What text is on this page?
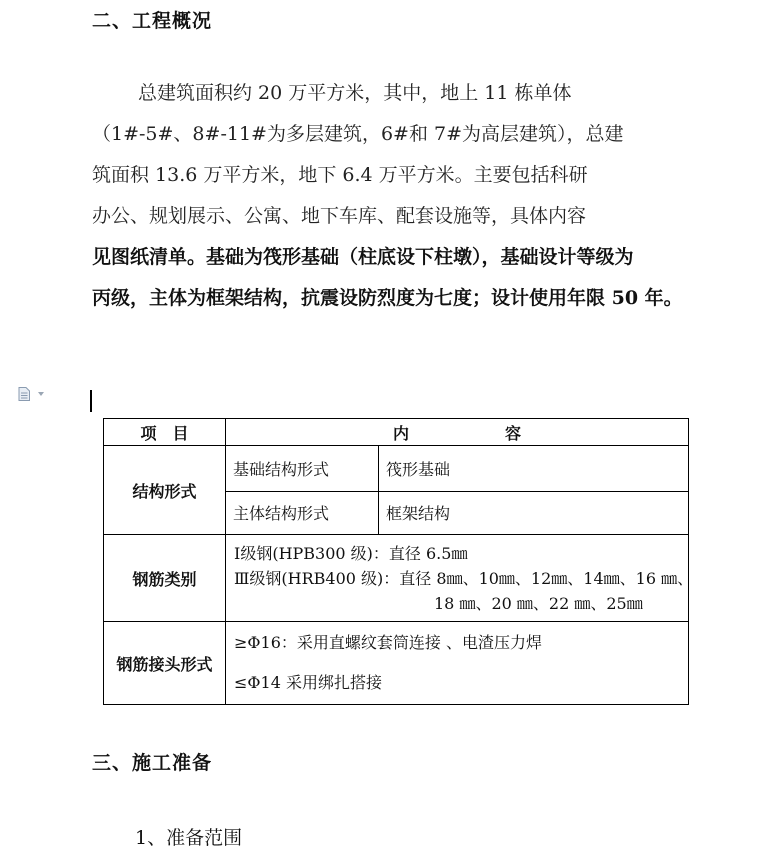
二、工程概况
总建筑面积约 20 万平方米，其中，地上 11 栋单体
（1#-5#、8#-11#为多层建筑，6#和 7#为高层建筑），总建
筑面积 13.6 万平方米，地下 6.4 万平方米。主要包括科研
办公、规划展示、公寓、地下车库、配套设施等，具体内容
见图纸清单。基础为筏形基础（柱底设下柱墩），基础设计等级为
丙级，主体为框架结构，抗震设防烈度为七度；设计使用年限 50 年。
项　目	内　　　　　　容	
结构形式	基础结构形式	筏形基础
	主体结构形式	框架结构
钢筋类别	Ⅰ级钢(HPB300 级)：直径 6.5㎜
Ⅲ级钢(HRB400 级)：直径 8㎜、10㎜、12㎜、14㎜、16 ㎜、
18 ㎜、20 ㎜、22 ㎜、25㎜	

钢筋接头形式	≥Φ16：采用直螺纹套筒连接 、电渣压力焊
≤Φ14 采用绑扎搭接	
三、施工准备
1、准备范围
